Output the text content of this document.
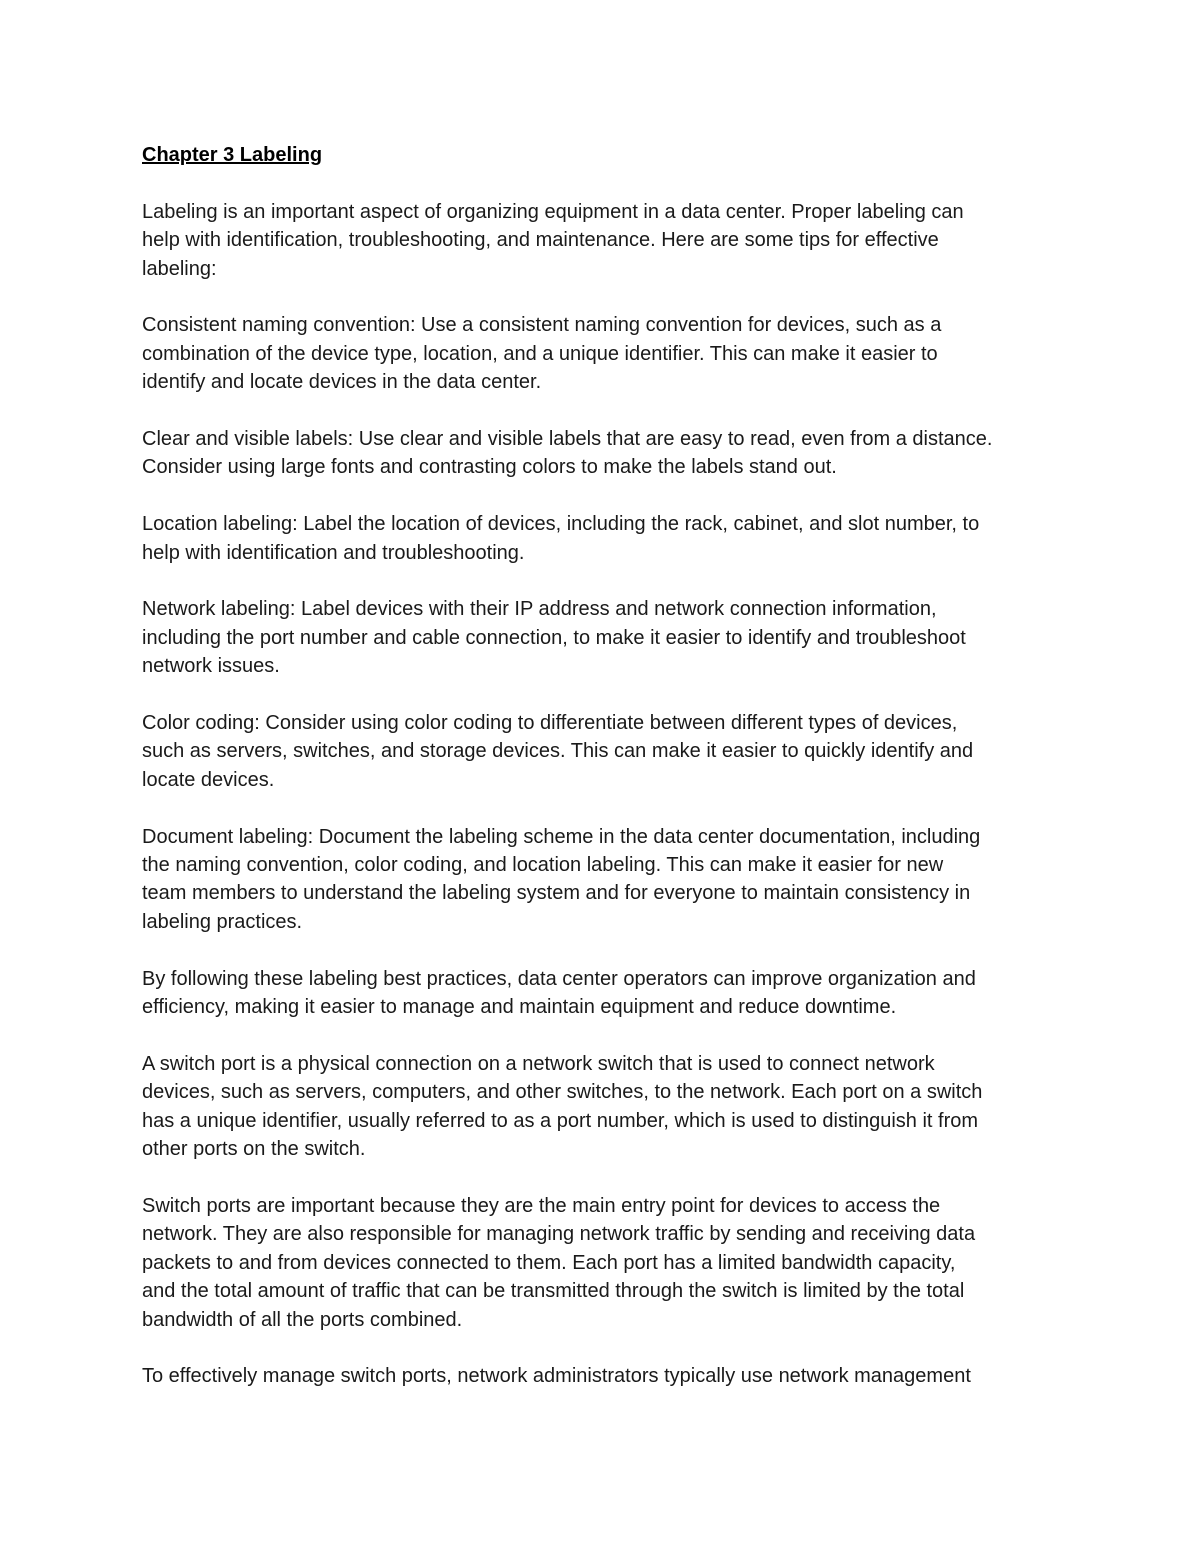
Chapter 3 Labeling
Labeling is an important aspect of organizing equipment in a data center. Proper labeling can
help with identification, troubleshooting, and maintenance. Here are some tips for effective
labeling:
Consistent naming convention: Use a consistent naming convention for devices, such as a
combination of the device type, location, and a unique identifier. This can make it easier to
identify and locate devices in the data center.
Clear and visible labels: Use clear and visible labels that are easy to read, even from a distance.
Consider using large fonts and contrasting colors to make the labels stand out.
Location labeling: Label the location of devices, including the rack, cabinet, and slot number, to
help with identification and troubleshooting.
Network labeling: Label devices with their IP address and network connection information,
including the port number and cable connection, to make it easier to identify and troubleshoot
network issues.
Color coding: Consider using color coding to differentiate between different types of devices,
such as servers, switches, and storage devices. This can make it easier to quickly identify and
locate devices.
Document labeling: Document the labeling scheme in the data center documentation, including
the naming convention, color coding, and location labeling. This can make it easier for new
team members to understand the labeling system and for everyone to maintain consistency in
labeling practices.
By following these labeling best practices, data center operators can improve organization and
efficiency, making it easier to manage and maintain equipment and reduce downtime.
A switch port is a physical connection on a network switch that is used to connect network
devices, such as servers, computers, and other switches, to the network. Each port on a switch
has a unique identifier, usually referred to as a port number, which is used to distinguish it from
other ports on the switch.
Switch ports are important because they are the main entry point for devices to access the
network. They are also responsible for managing network traffic by sending and receiving data
packets to and from devices connected to them. Each port has a limited bandwidth capacity,
and the total amount of traffic that can be transmitted through the switch is limited by the total
bandwidth of all the ports combined.
To effectively manage switch ports, network administrators typically use network management
